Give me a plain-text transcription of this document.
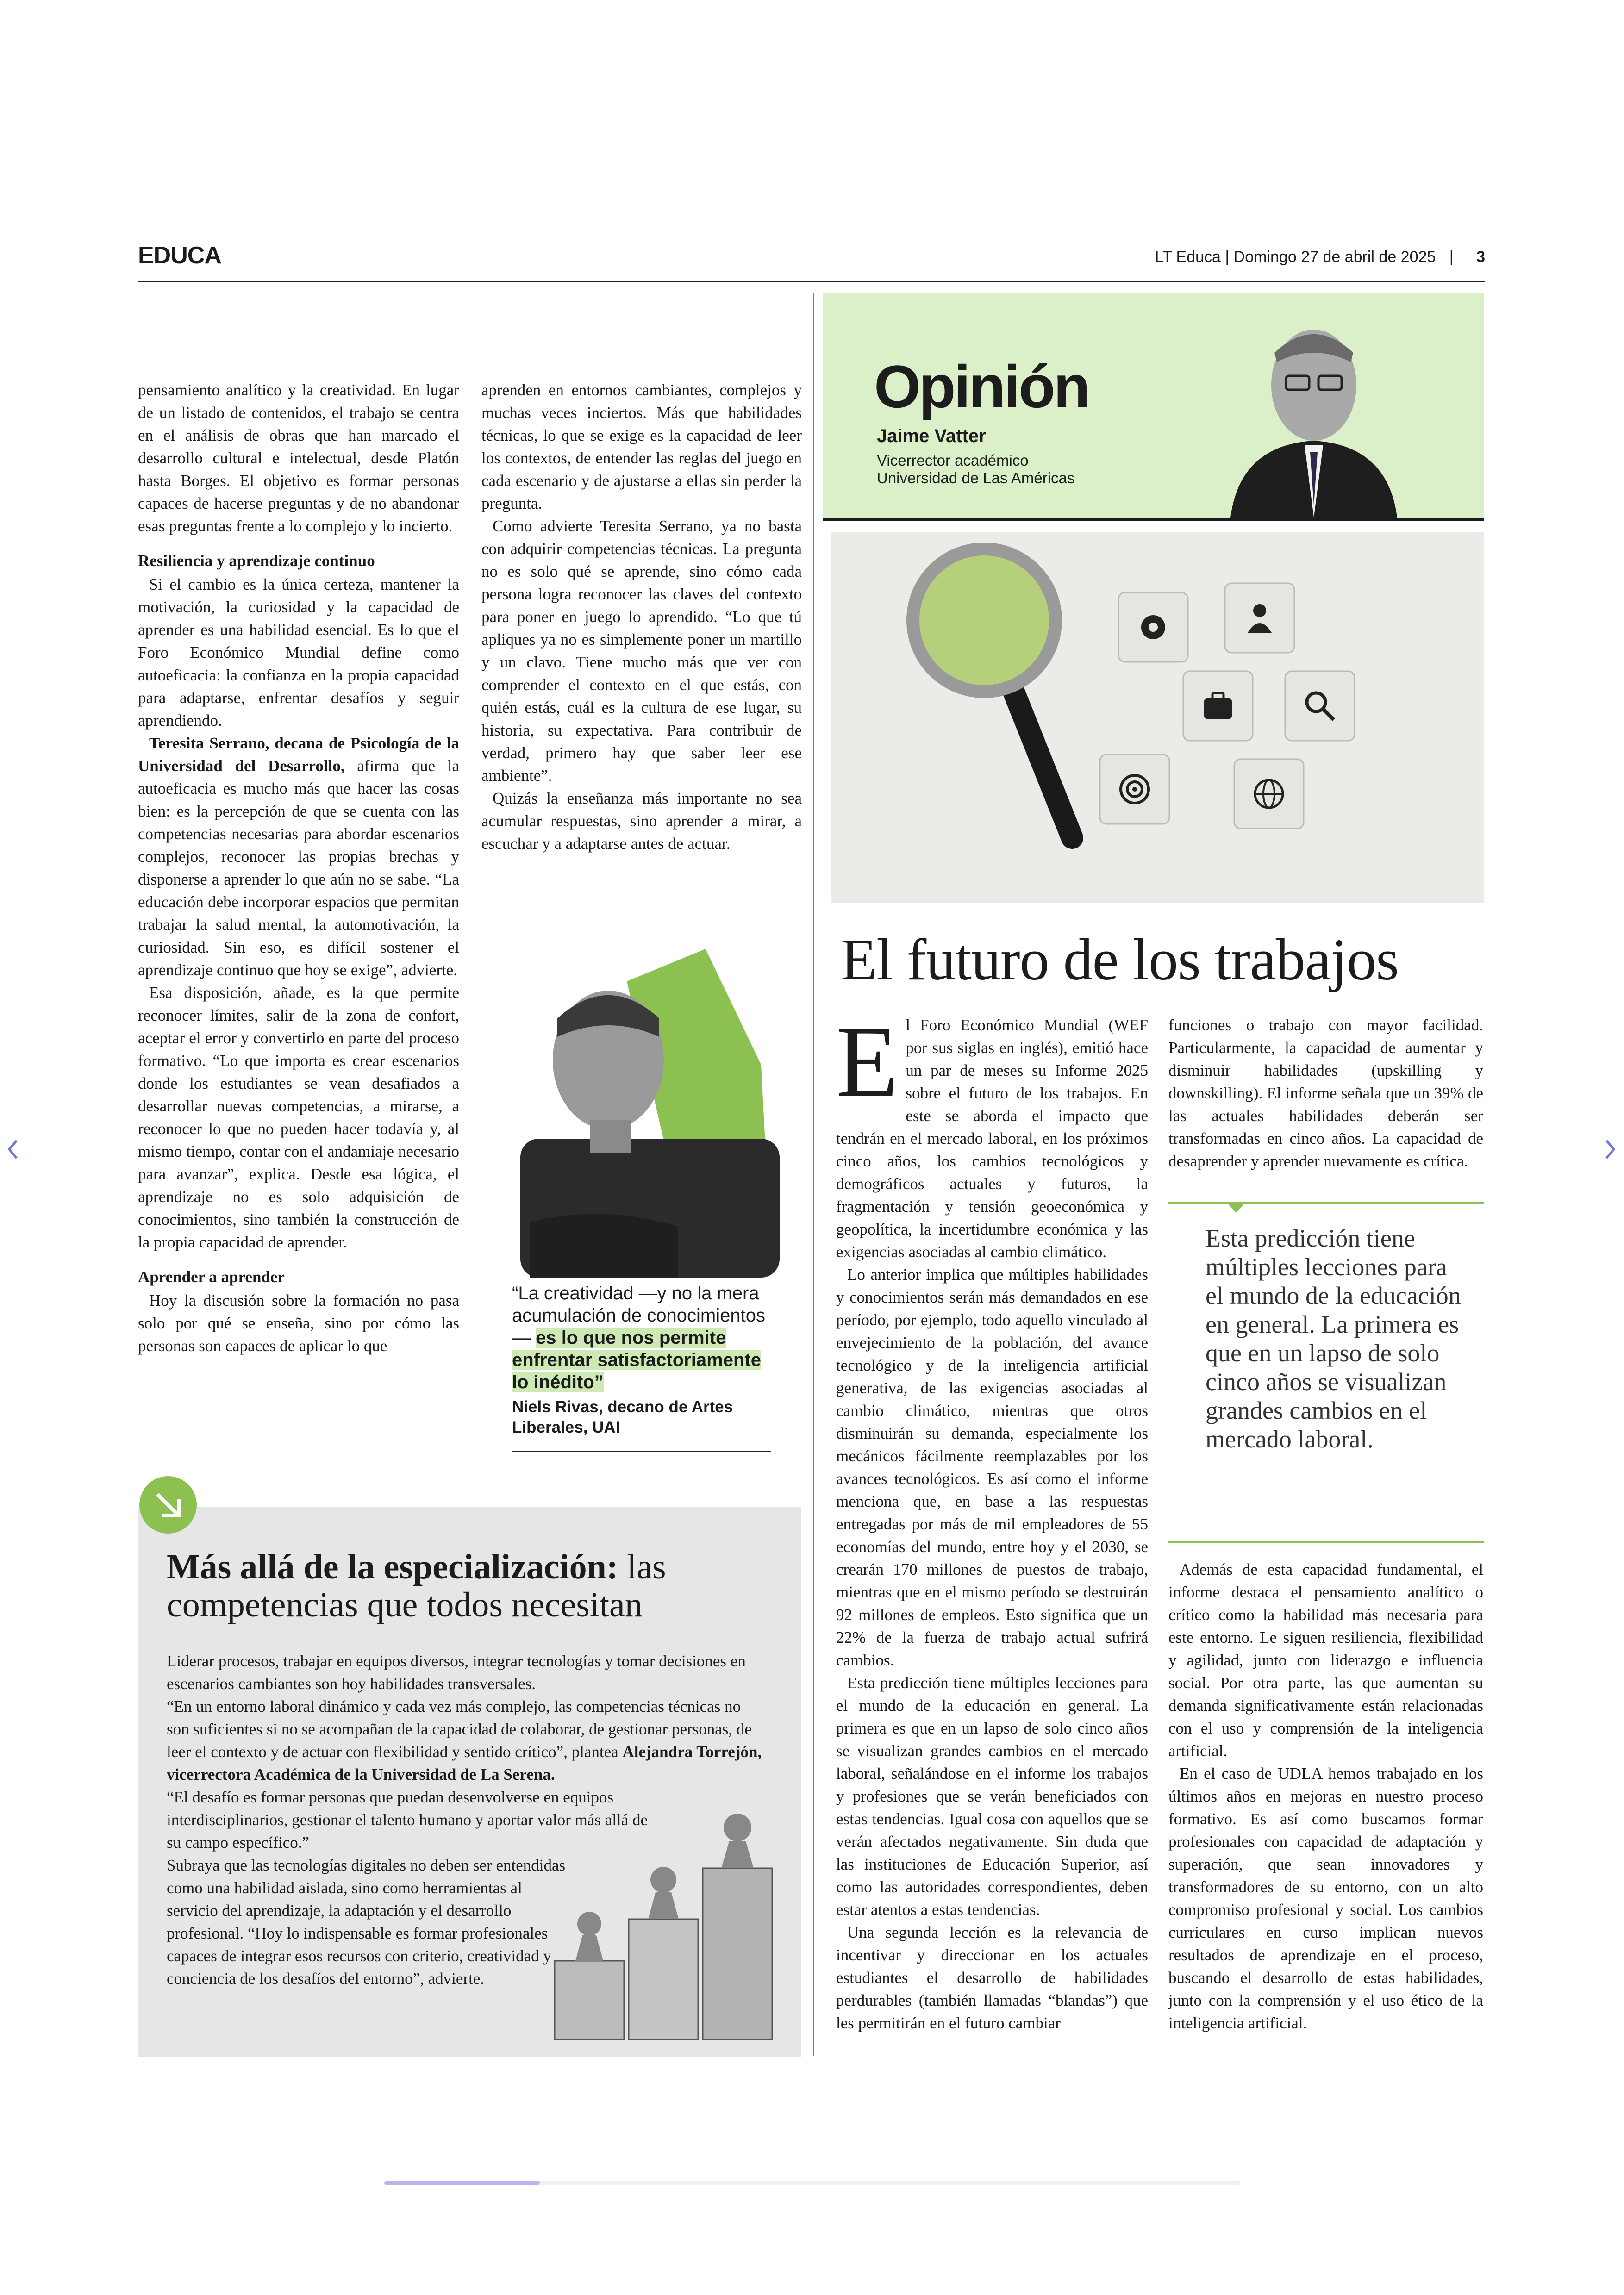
EDUCA	LT Educa | Domingo 27 de abril de 2025 | 3

pensamiento analítico y la creatividad. En lugar de un listado de contenidos, el trabajo se centra en el análisis de obras que han marcado el desarrollo cultural e intelectual, desde Platón hasta Borges. El objetivo es formar personas capaces de hacerse preguntas y de no abandonar esas preguntas frente a lo complejo y lo incierto.

Resiliencia y aprendizaje continuo

Si el cambio es la única certeza, mantener la motivación, la curiosidad y la capacidad de aprender es una habilidad esencial. Es lo que el Foro Económico Mundial define como autoeficacia: la confianza en la propia capacidad para adaptarse, enfrentar desafíos y seguir aprendiendo.

Teresita Serrano, decana de Psicología de la Universidad del Desarrollo, afirma que la autoeficacia es mucho más que hacer las cosas bien: es la percepción de que se cuenta con las competencias necesarias para abordar escenarios complejos, reconocer las propias brechas y disponerse a aprender lo que aún no se sabe. “La educación debe incorporar espacios que permitan trabajar la salud mental, la automotivación, la curiosidad. Sin eso, es difícil sostener el aprendizaje continuo que hoy se exige”, advierte.

Esa disposición, añade, es la que permite reconocer límites, salir de la zona de confort, aceptar el error y convertirlo en parte del proceso formativo. “Lo que importa es crear escenarios donde los estudiantes se vean desafiados a desarrollar nuevas competencias, a mirarse, a reconocer lo que no pueden hacer todavía y, al mismo tiempo, contar con el andamiaje necesario para avanzar”, explica. Desde esa lógica, el aprendizaje no es solo adquisición de conocimientos, sino también la construcción de la propia capacidad de aprender.

Aprender a aprender

Hoy la discusión sobre la formación no pasa solo por qué se enseña, sino por cómo las personas son capaces de aplicar lo que

aprenden en entornos cambiantes, complejos y muchas veces inciertos. Más que habilidades técnicas, lo que se exige es la capacidad de leer los contextos, de entender las reglas del juego en cada escenario y de ajustarse a ellas sin perder la pregunta.

Como advierte Teresita Serrano, ya no basta con adquirir competencias técnicas. La pregunta no es solo qué se aprende, sino cómo cada persona logra reconocer las claves del contexto para poner en juego lo aprendido. “Lo que tú apliques ya no es simplemente poner un martillo y un clavo. Tiene mucho más que ver con comprender el contexto en el que estás, con quién estás, cuál es la cultura de ese lugar, su historia, su expectativa. Para contribuir de verdad, primero hay que saber leer ese ambiente”.

Quizás la enseñanza más importante no sea acumular respuestas, sino aprender a mirar, a escuchar y a adaptarse antes de actuar.

“La creatividad —y no la mera acumulación de conocimientos— es lo que nos permite enfrentar satisfactoriamente lo inédito”
Niels Rivas, decano de Artes Liberales, UAI
Más allá de la especialización: las competencias que todos necesitan

Liderar procesos, trabajar en equipos diversos, integrar tecnologías y tomar decisiones en escenarios cambiantes son hoy habilidades transversales.

“En un entorno laboral dinámico y cada vez más complejo, las competencias técnicas no son suficientes si no se acompañan de la capacidad de colaborar, de gestionar personas, de leer el contexto y de actuar con flexibilidad y sentido crítico”, plantea Alejandra Torrejón, vicerrectora Académica de la Universidad de La Serena.

“El desafío es formar personas que puedan desenvolverse en equipos interdisciplinarios, gestionar el talento humano y aportar valor más allá de su campo específico.”

Subraya que las tecnologías digitales no deben ser entendidas como una habilidad aislada, sino como herramientas al servicio del aprendizaje, la adaptación y el desarrollo profesional. “Hoy lo indispensable es formar profesionales capaces de integrar esos recursos con criterio, creatividad y conciencia de los desafíos del entorno”, advierte.

Opinión
Jaime Vatter
Vicerrector académico
Universidad de Las Américas
El futuro de los trabajos

El Foro Económico Mundial (WEF por sus siglas en inglés), emitió hace un par de meses su Informe 2025 sobre el futuro de los trabajos. En este se aborda el impacto que tendrán en el mercado laboral, en los próximos cinco años, los cambios tecnológicos y demográficos actuales y futuros, la fragmentación y tensión geoeconómica y geopolítica, la incertidumbre económica y las exigencias asociadas al cambio climático.

Lo anterior implica que múltiples habilidades y conocimientos serán más demandados en ese período, por ejemplo, todo aquello vinculado al envejecimiento de la población, del avance tecnológico y de la inteligencia artificial generativa, de las exigencias asociadas al cambio climático, mientras que otros disminuirán su demanda, especialmente los mecánicos fácilmente reemplazables por los avances tecnológicos. Es así como el informe menciona que, en base a las respuestas entregadas por más de mil empleadores de 55 economías del mundo, entre hoy y el 2030, se crearán 170 millones de puestos de trabajo, mientras que en el mismo período se destruirán 92 millones de empleos. Esto significa que un 22% de la fuerza de trabajo actual sufrirá cambios.

Esta predicción tiene múltiples lecciones para el mundo de la educación en general. La primera es que en un lapso de solo cinco años se visualizan grandes cambios en el mercado laboral, señalándose en el informe los trabajos y profesiones que se verán beneficiados con estas tendencias. Igual cosa con aquellos que se verán afectados negativamente. Sin duda que las instituciones de Educación Superior, así como las autoridades correspondientes, deben estar atentos a estas tendencias.

Una segunda lección es la relevancia de incentivar y direccionar en los actuales estudiantes el desarrollo de habilidades perdurables (también llamadas “blandas”) que les permitirán en el futuro cambiar

funciones o trabajo con mayor facilidad. Particularmente, la capacidad de aumentar y disminuir habilidades (upskilling y downskilling). El informe señala que un 39% de las actuales habilidades deberán ser transformadas en cinco años. La capacidad de desaprender y aprender nuevamente es crítica.

Esta predicción tiene múltiples lecciones para el mundo de la educación en general. La primera es que en un lapso de solo cinco años se visualizan grandes cambios en el mercado laboral.

Además de esta capacidad fundamental, el informe destaca el pensamiento analítico o crítico como la habilidad más necesaria para este entorno. Le siguen resiliencia, flexibilidad y agilidad, junto con liderazgo e influencia social. Por otra parte, las que aumentan su demanda significativamente están relacionadas con el uso y comprensión de la inteligencia artificial.

En el caso de UDLA hemos trabajado en los últimos años en mejoras en nuestro proceso formativo. Es así como buscamos formar profesionales con capacidad de adaptación y superación, que sean innovadores y transformadores de su entorno, con un alto compromiso profesional y social. Los cambios curriculares en curso implican nuevos resultados de aprendizaje en el proceso, buscando el desarrollo de estas habilidades, junto con la comprensión y el uso ético de la inteligencia artificial.
